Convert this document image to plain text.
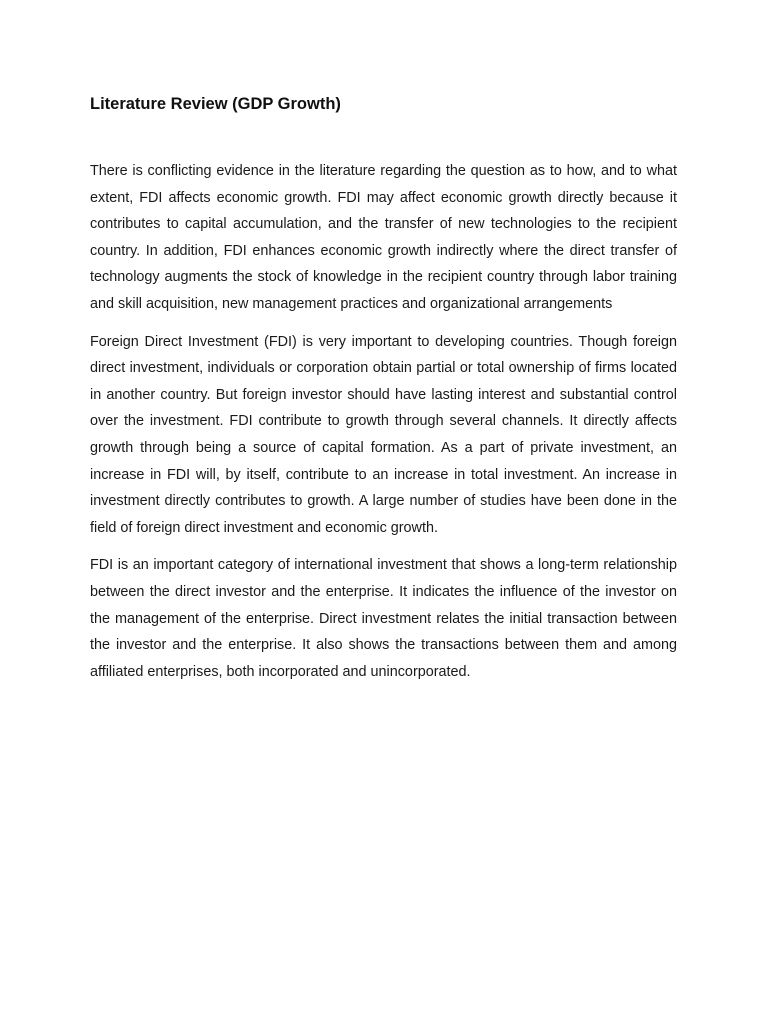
Literature Review (GDP Growth)

There is conflicting evidence in the literature regarding the question as to how, and to what extent, FDI affects economic growth. FDI may affect economic growth directly because it contributes to capital accumulation, and the transfer of new technologies to the recipient country. In addition, FDI enhances economic growth indirectly where the direct transfer of technology augments the stock of knowledge in the recipient country through labor training and skill acquisition, new management practices and organizational arrangements

Foreign Direct Investment (FDI) is very important to developing countries. Though foreign direct investment, individuals or corporation obtain partial or total ownership of firms located in another country. But foreign investor should have lasting interest and substantial control over the investment. FDI contribute to growth through several channels. It directly affects growth through being a source of capital formation. As a part of private investment, an increase in FDI will, by itself, contribute to an increase in total investment. An increase in investment directly contributes to growth. A large number of studies have been done in the field of foreign direct investment and economic growth.

FDI is an important category of international investment that shows a long-term relationship between the direct investor and the enterprise. It indicates the influence of the investor on the management of the enterprise. Direct investment relates the initial transaction between the investor and the enterprise. It also shows the transactions between them and among affiliated enterprises, both incorporated and unincorporated.
